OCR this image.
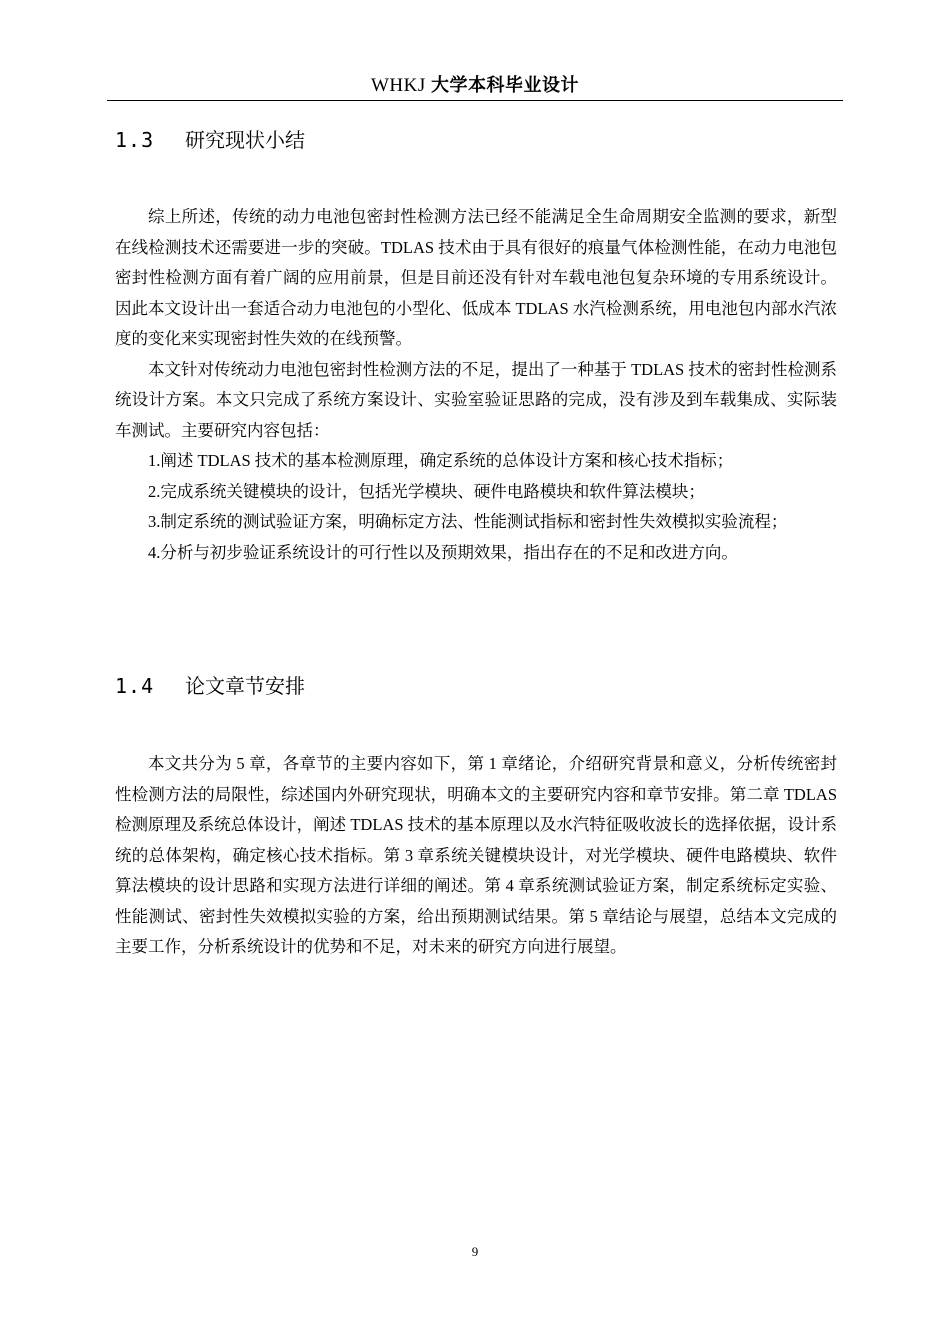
WHKJ 大学本科毕业设计
1.3 研究现状小结

综上所述，传统的动力电池包密封性检测方法已经不能满足全生命周期安全监测的要求，新型在线检测技术还需要进一步的突破。TDLAS 技术由于具有很好的痕量气体检测性能，在动力电池包密封性检测方面有着广阔的应用前景，但是目前还没有针对车载电池包复杂环境的专用系统设计。因此本文设计出一套适合动力电池包的小型化、低成本 TDLAS 水汽检测系统，用电池包内部水汽浓度的变化来实现密封性失效的在线预警。

本文针对传统动力电池包密封性检测方法的不足，提出了一种基于 TDLAS 技术的密封性检测系统设计方案。本文只完成了系统方案设计、实验室验证思路的完成，没有涉及到车载集成、实际装车测试。主要研究内容包括：

1.阐述 TDLAS 技术的基本检测原理，确定系统的总体设计方案和核心技术指标；

2.完成系统关键模块的设计，包括光学模块、硬件电路模块和软件算法模块；

3.制定系统的测试验证方案，明确标定方法、性能测试指标和密封性失效模拟实验流程；

4.分析与初步验证系统设计的可行性以及预期效果，指出存在的不足和改进方向。

1.4 论文章节安排

本文共分为 5 章，各章节的主要内容如下，第 1 章绪论，介绍研究背景和意义，分析传统密封性检测方法的局限性，综述国内外研究现状，明确本文的主要研究内容和章节安排。第二章 TDLAS 检测原理及系统总体设计，阐述 TDLAS 技术的基本原理以及水汽特征吸收波长的选择依据，设计系统的总体架构，确定核心技术指标。第 3 章系统关键模块设计，对光学模块、硬件电路模块、软件算法模块的设计思路和实现方法进行详细的阐述。第 4 章系统测试验证方案，制定系统标定实验、性能测试、密封性失效模拟实验的方案，给出预期测试结果。第 5 章结论与展望，总结本文完成的主要工作，分析系统设计的优势和不足，对未来的研究方向进行展望。

9
